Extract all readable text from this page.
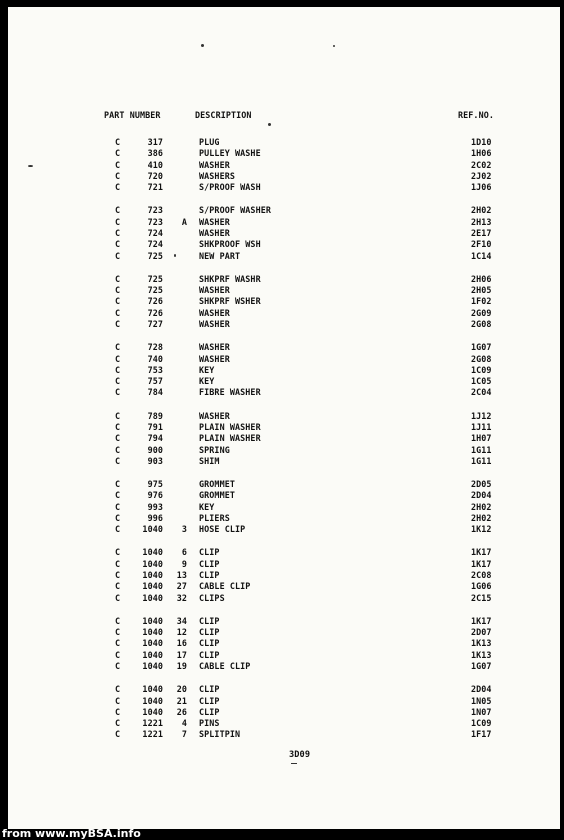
PART NUMBER	DESCRIPTION	REF.NO.
C	317	PLUG	1D10
C	386	PULLEY WASHE	1H06
C	410	WASHER	2C02
C	720	WASHERS	2J02
C	721	S/PROOF WASH	1J06
C	723	S/PROOF WASHER	2H02
C	723	A WASHER	2H13
C	724	WASHER	2E17
C	724	SHKPROOF WSH	2F10
C	725	NEW PART	1C14
C	725	SHKPRF WASHR	2H06
C	725	WASHER	2H05
C	726	SHKPRF WSHER	1F02
C	726	WASHER	2G09
C	727	WASHER	2G08
C	728	WASHER	1G07
C	740	WASHER	2G08
C	753	KEY	1C09
C	757	KEY	1C05
C	784	FIBRE WASHER	2C04
C	789	WASHER	1J12
C	791	PLAIN WASHER	1J11
C	794	PLAIN WASHER	1H07
C	900	SPRING	1G11
C	903	SHIM	1G11
C	975	GROMMET	2D05
C	976	GROMMET	2D04
C	993	KEY	2H02
C	996	PLIERS	2H02
C	1040	3 HOSE CLIP	1K12
C	1040	6 CLIP	1K17
C	1040	9 CLIP	1K17
C	1040	13 CLIP	2C08
C	1040	27 CABLE CLIP	1G06
C	1040	32 CLIPS	2C15
C	1040	34 CLIP	1K17
C	1040	12 CLIP	2D07
C	1040	16 CLIP	1K13
C	1040	17 CLIP	1K13
C	1040	19 CABLE CLIP	1G07
C	1040	20 CLIP	2D04
C	1040	21 CLIP	1N05
C	1040	26 CLIP	1N07
C	1221	4 PINS	1C09
C	1221	7 SPLITPIN	1F17
3D09
from www.myBSA.info
